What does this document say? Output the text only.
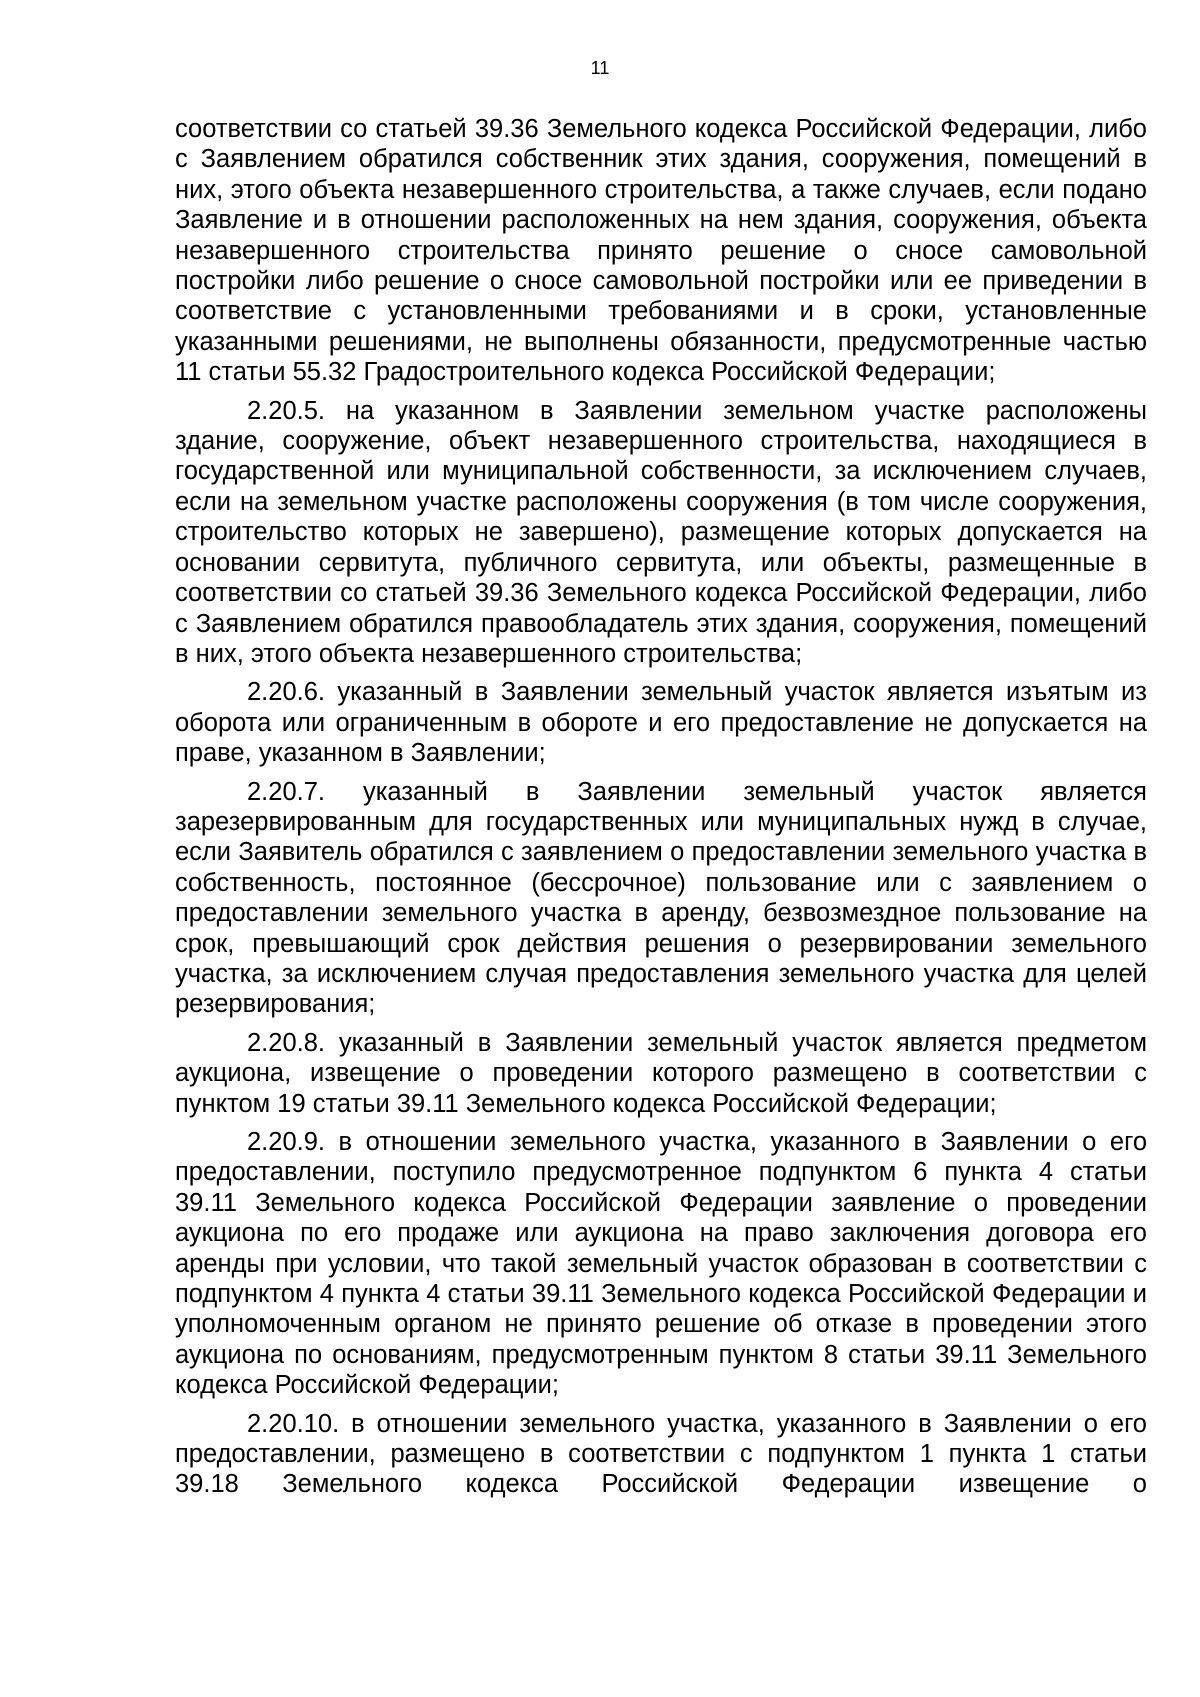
11

соответствии со статьей 39.36 Земельного кодекса Российской Федерации, либо с Заявлением обратился собственник этих здания, сооружения, помещений в них, этого объекта незавершенного строительства, а также случаев, если подано Заявление и в отношении расположенных на нем здания, сооружения, объекта незавершенного строительства принято решение о сносе самовольной постройки либо решение о сносе самовольной постройки или ее приведении в соответствие с установленными требованиями и в сроки, установленные указанными решениями, не выполнены обязанности, предусмотренные частью 11 статьи 55.32 Градостроительного кодекса Российской Федерации;

2.20.5. на указанном в Заявлении земельном участке расположены здание, сооружение, объект незавершенного строительства, находящиеся в государственной или муниципальной собственности, за исключением случаев, если на земельном участке расположены сооружения (в том числе сооружения, строительство которых не завершено), размещение которых допускается на основании сервитута, публичного сервитута, или объекты, размещенные в соответствии со статьей 39.36 Земельного кодекса Российской Федерации, либо с Заявлением обратился правообладатель этих здания, сооружения, помещений в них, этого объекта незавершенного строительства;

2.20.6. указанный в Заявлении земельный участок является изъятым из оборота или ограниченным в обороте и его предоставление не допускается на праве, указанном в Заявлении;

2.20.7. указанный в Заявлении земельный участок является зарезервированным для государственных или муниципальных нужд в случае, если Заявитель обратился с заявлением о предоставлении земельного участка в собственность, постоянное (бессрочное) пользование или с заявлением о предоставлении земельного участка в аренду, безвозмездное пользование на срок, превышающий срок действия решения о резервировании земельного участка, за исключением случая предоставления земельного участка для целей резервирования;

2.20.8. указанный в Заявлении земельный участок является предметом аукциона, извещение о проведении которого размещено в соответствии с пунктом 19 статьи 39.11 Земельного кодекса Российской Федерации;

2.20.9. в отношении земельного участка, указанного в Заявлении о его предоставлении, поступило предусмотренное подпунктом 6 пункта 4 статьи 39.11 Земельного кодекса Российской Федерации заявление о проведении аукциона по его продаже или аукциона на право заключения договора его аренды при условии, что такой земельный участок образован в соответствии с подпунктом 4 пункта 4 статьи 39.11 Земельного кодекса Российской Федерации и уполномоченным органом не принято решение об отказе в проведении этого аукциона по основаниям, предусмотренным пунктом 8 статьи 39.11 Земельного кодекса Российской Федерации;

2.20.10. в отношении земельного участка, указанного в Заявлении о его предоставлении, размещено в соответствии с подпунктом 1 пункта 1 статьи 39.18 Земельного кодекса Российской Федерации извещение о
